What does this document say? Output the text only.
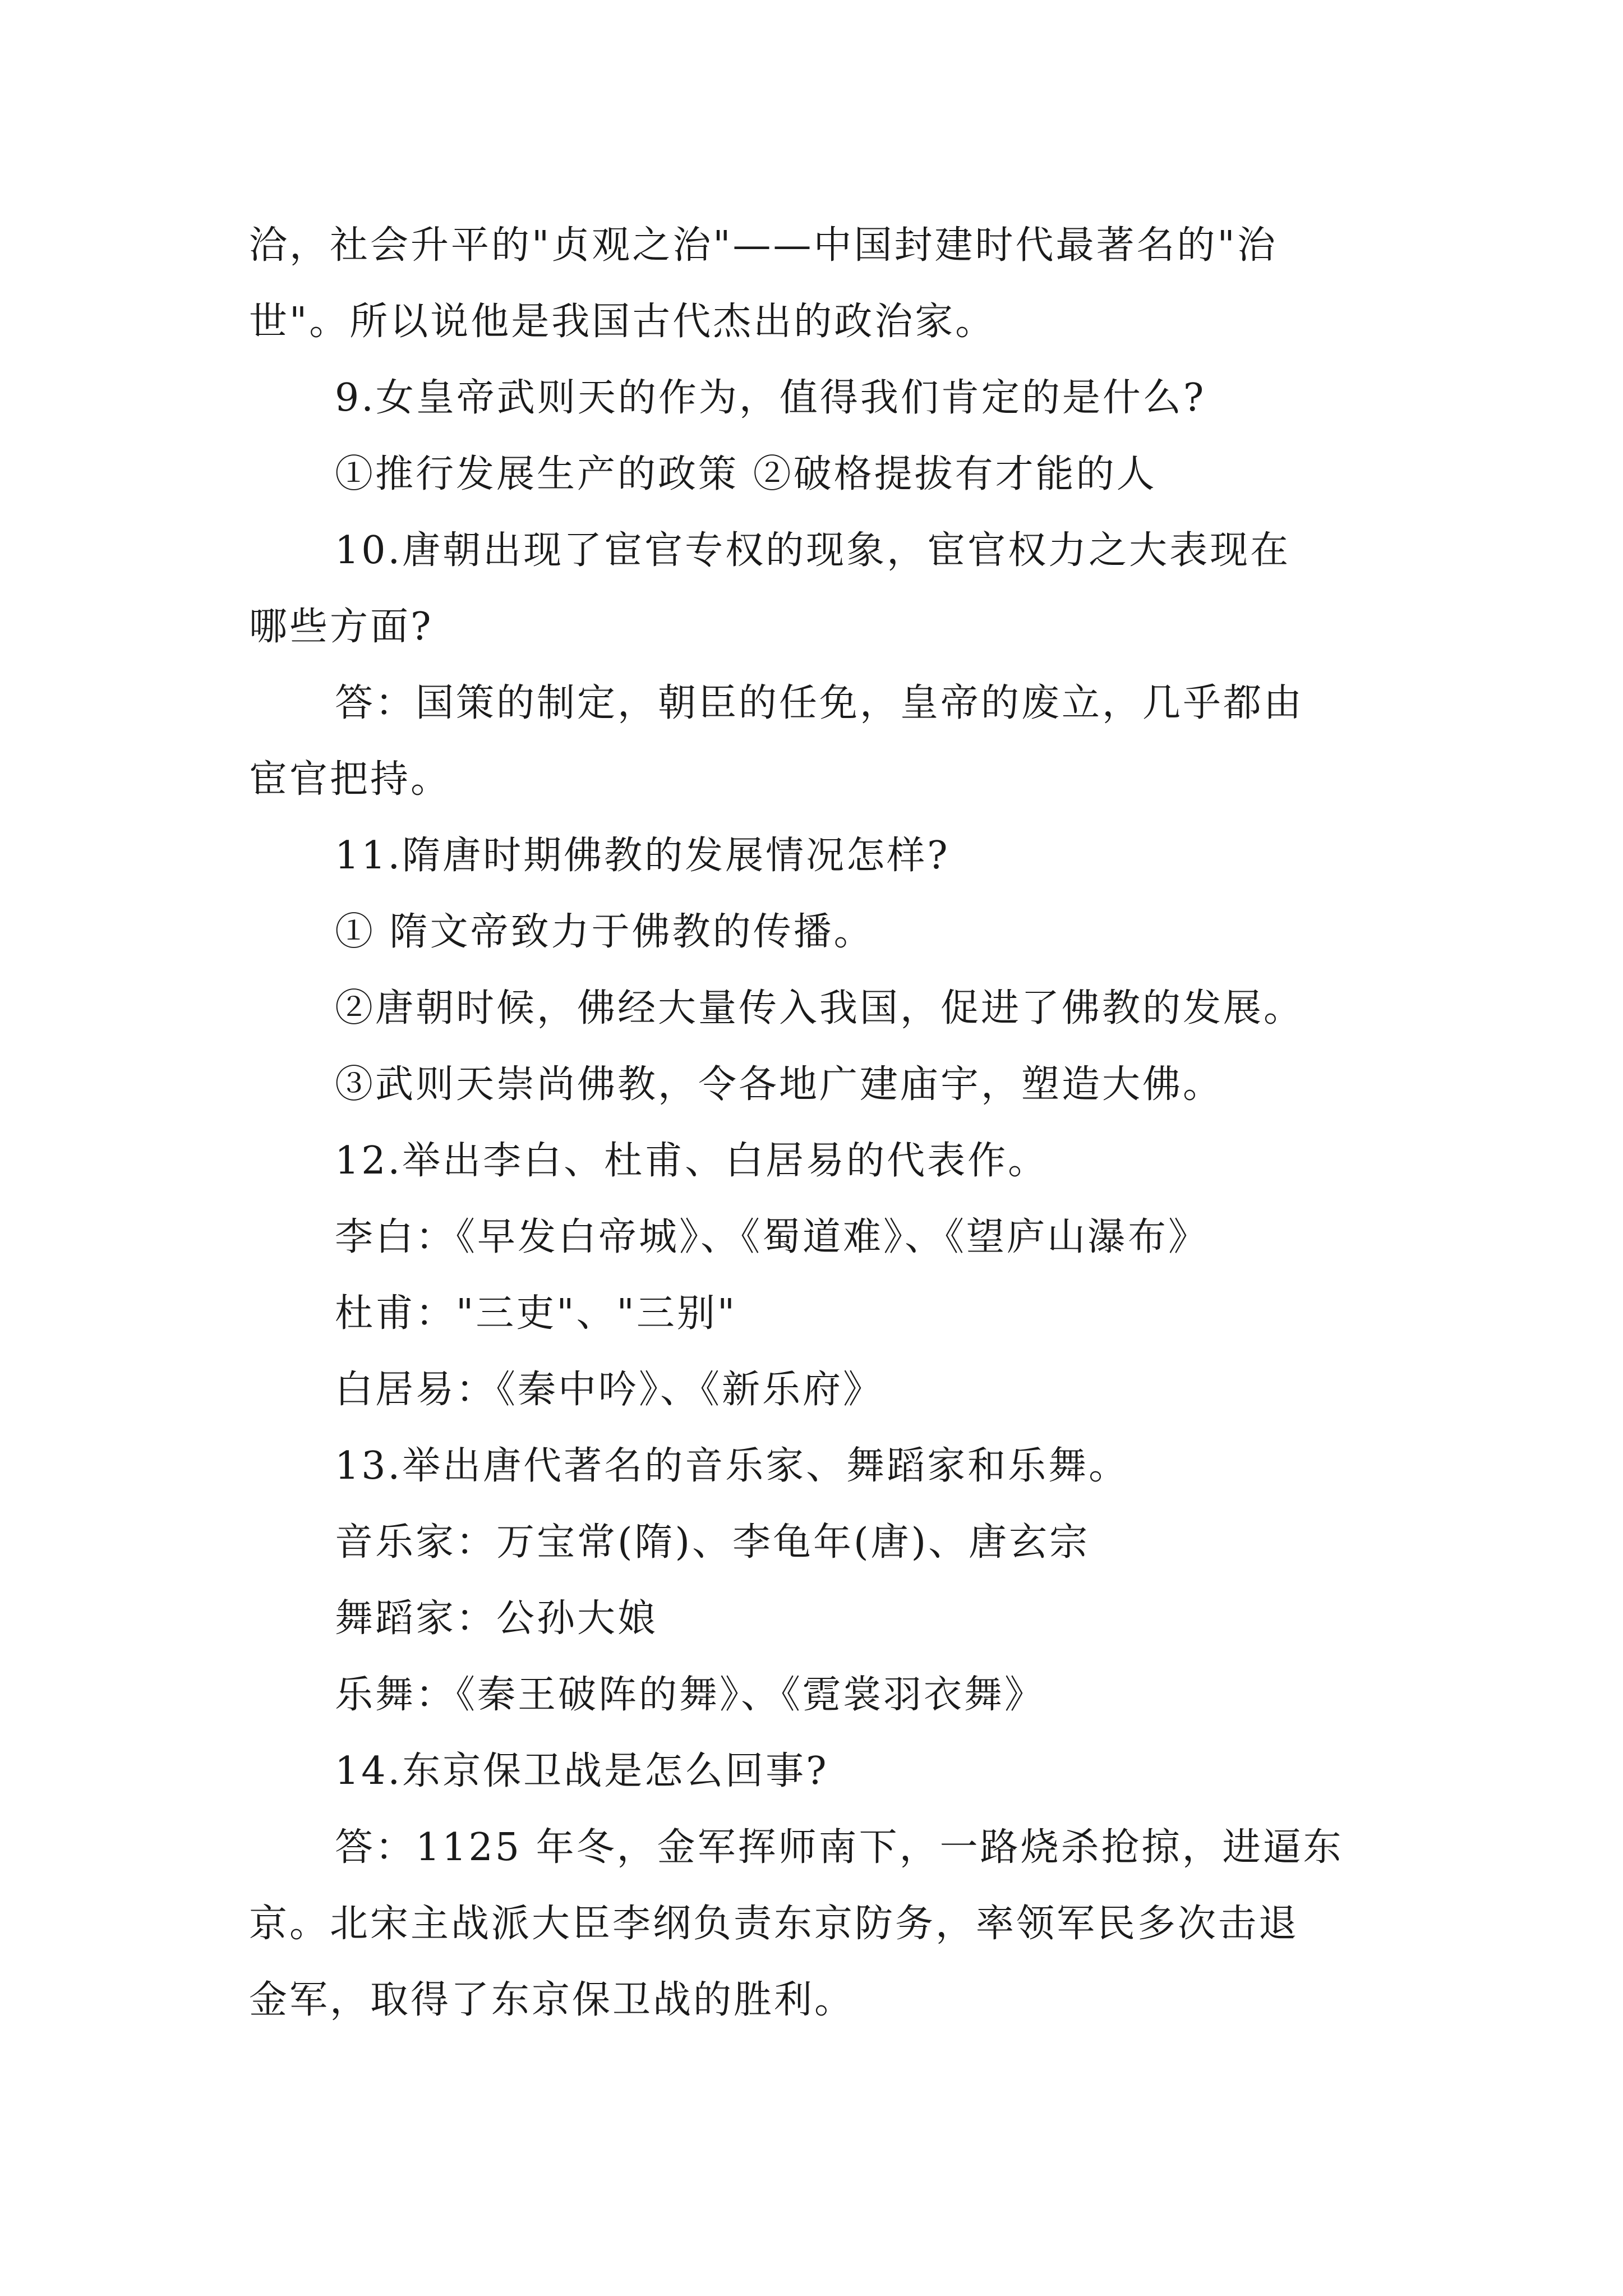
洽，社会升平的"贞观之治"——中国封建时代最著名的"治

世"。所以说他是我国古代杰出的政治家。

9.女皇帝武则天的作为，值得我们肯定的是什么?

①推行发展生产的政策 ②破格提拔有才能的人

10.唐朝出现了宦官专权的现象，宦官权力之大表现在

哪些方面?

答：国策的制定，朝臣的任免，皇帝的废立，几乎都由

宦官把持。

11.隋唐时期佛教的发展情况怎样?

① 隋文帝致力于佛教的传播。

②唐朝时候，佛经大量传入我国，促进了佛教的发展。

③武则天崇尚佛教，令各地广建庙宇，塑造大佛。

12.举出李白、杜甫、白居易的代表作。

李白：《早发白帝城》、《蜀道难》、《望庐山瀑布》

杜甫："三吏"、"三别"

白居易：《秦中吟》、《新乐府》

13.举出唐代著名的音乐家、舞蹈家和乐舞。

音乐家：万宝常(隋)、李龟年(唐)、唐玄宗

舞蹈家：公孙大娘

乐舞：《秦王破阵的舞》、《霓裳羽衣舞》

14.东京保卫战是怎么回事?

答：1125 年冬，金军挥师南下，一路烧杀抢掠，进逼东

京。北宋主战派大臣李纲负责东京防务，率领军民多次击退

金军，取得了东京保卫战的胜利。
